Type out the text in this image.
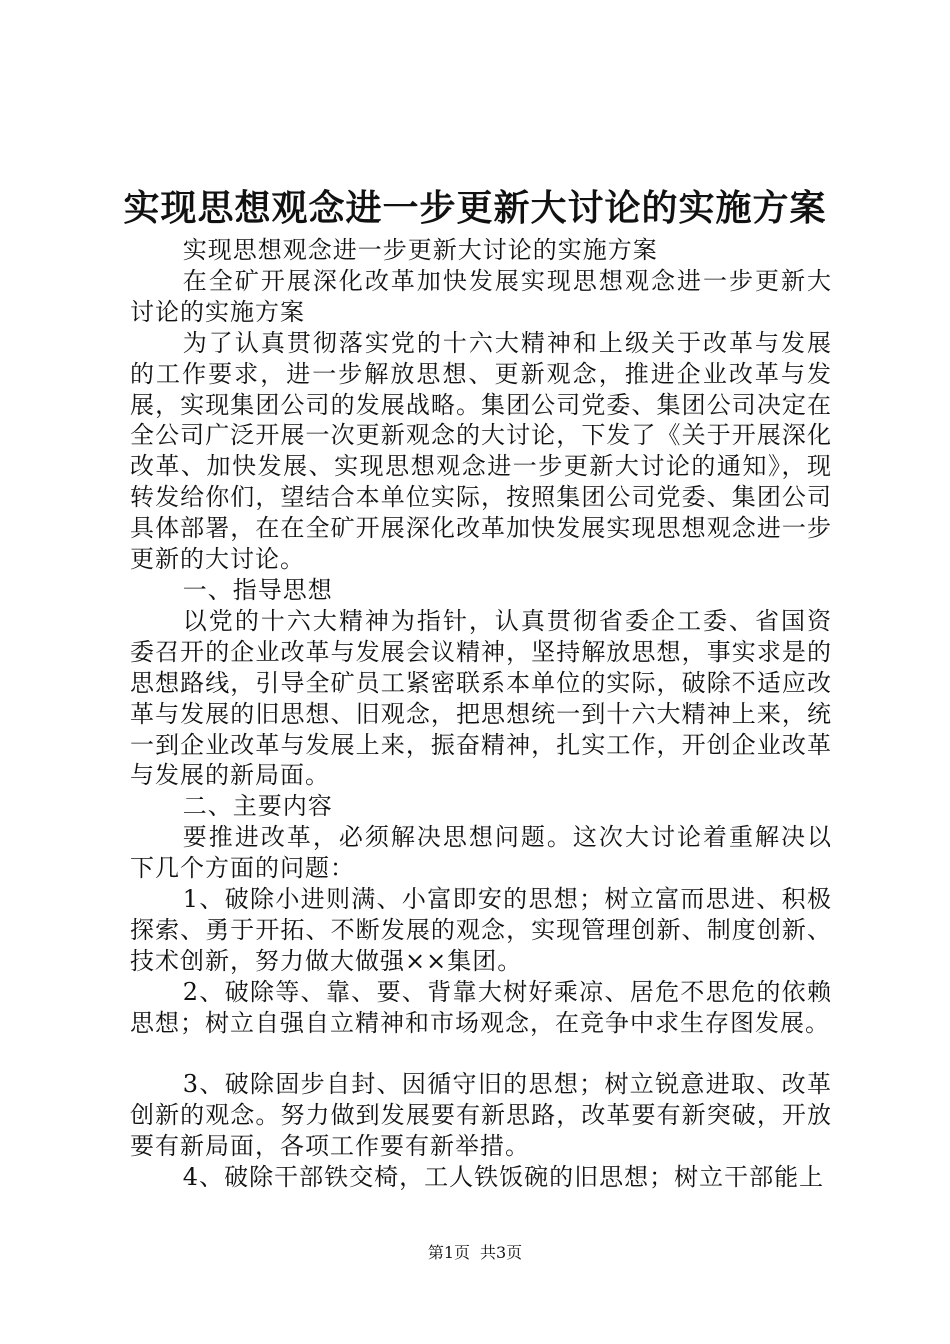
实现思想观念进一步更新大讨论的实施方案

实现思想观念进一步更新大讨论的实施方案

在全矿开展深化改革加快发展实现思想观念进一步更新大讨论的实施方案

为了认真贯彻落实党的十六大精神和上级关于改革与发展的工作要求，进一步解放思想、更新观念，推进企业改革与发展，实现集团公司的发展战略。集团公司党委、集团公司决定在全公司广泛开展一次更新观念的大讨论，下发了《关于开展深化改革、加快发展、实现思想观念进一步更新大讨论的通知》，现转发给你们，望结合本单位实际，按照集团公司党委、集团公司具体部署，在在全矿开展深化改革加快发展实现思想观念进一步更新的大讨论。

一、指导思想

以党的十六大精神为指针，认真贯彻省委企工委、省国资委召开的企业改革与发展会议精神，坚持解放思想，事实求是的思想路线，引导全矿员工紧密联系本单位的实际，破除不适应改革与发展的旧思想、旧观念，把思想统一到十六大精神上来，统一到企业改革与发展上来，振奋精神，扎实工作，开创企业改革与发展的新局面。

二、主要内容

要推进改革，必须解决思想问题。这次大讨论着重解决以下几个方面的问题：

1、破除小进则满、小富即安的思想；树立富而思进、积极探索、勇于开拓、不断发展的观念，实现管理创新、制度创新、技术创新，努力做大做强××集团。

2、破除等、靠、要、背靠大树好乘凉、居危不思危的依赖思想；树立自强自立精神和市场观念，在竞争中求生存图发展。

3、破除固步自封、因循守旧的思想；树立锐意进取、改革创新的观念。努力做到发展要有新思路，改革要有新突破，开放要有新局面，各项工作要有新举措。

4、破除干部铁交椅，工人铁饭碗的旧思想；树立干部能上

第1页 共3页
